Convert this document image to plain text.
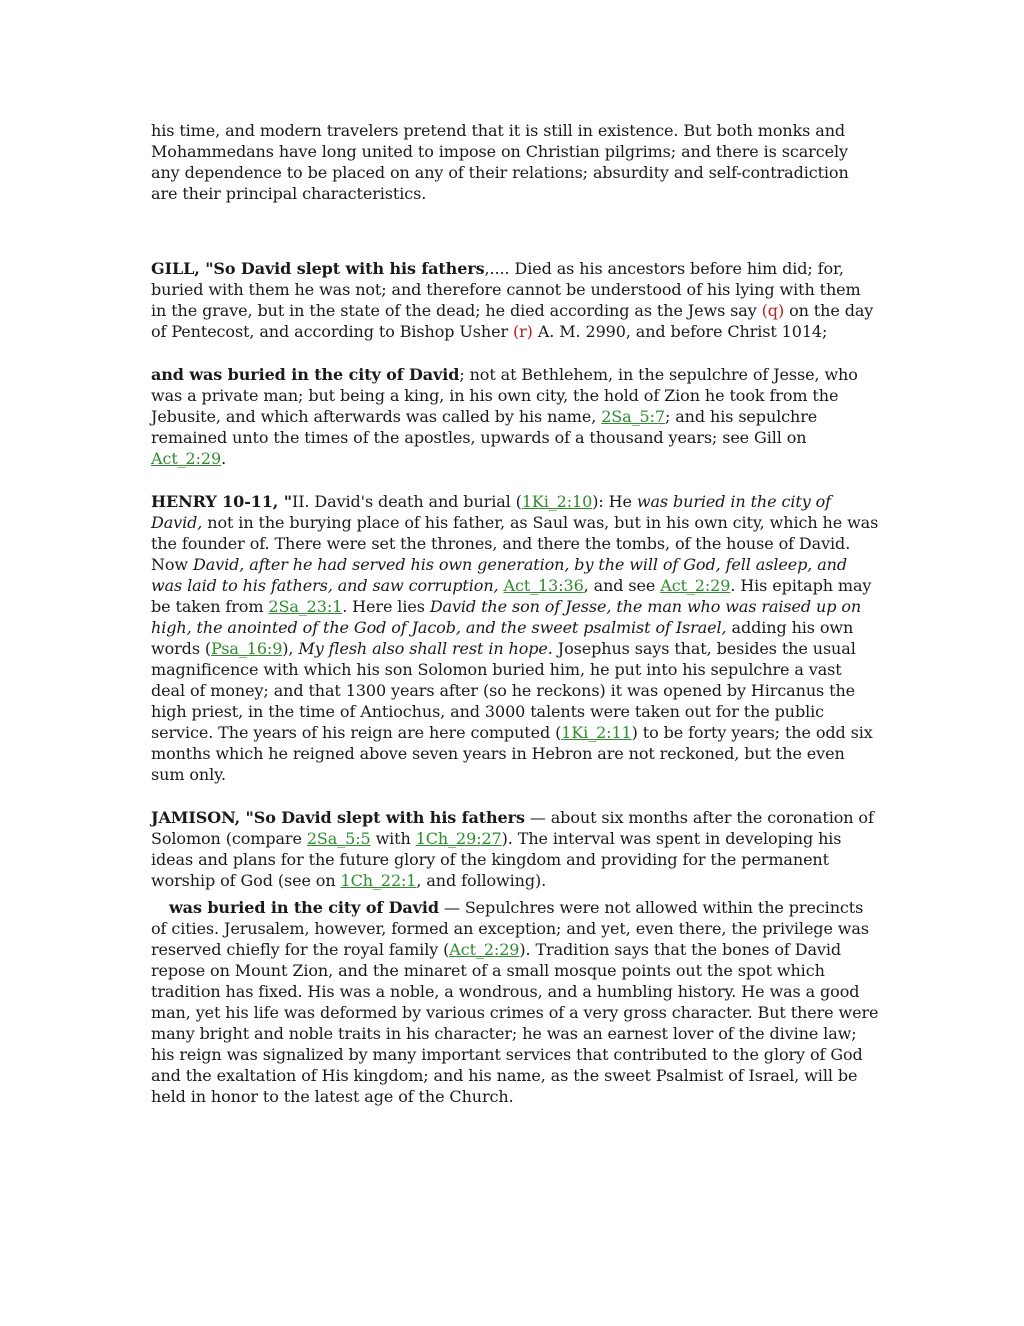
his time, and modern travelers pretend that it is still in existence. But both monks and Mohammedans have long united to impose on Christian pilgrims; and there is scarcely any dependence to be placed on any of their relations; absurdity and self-contradiction are their principal characteristics.

GILL, "So David slept with his fathers,.... Died as his ancestors before him did; for, buried with them he was not; and therefore cannot be understood of his lying with them in the grave, but in the state of the dead; he died according as the Jews say (q) on the day of Pentecost, and according to Bishop Usher (r) A. M. 2990, and before Christ 1014;

and was buried in the city of David; not at Bethlehem, in the sepulchre of Jesse, who was a private man; but being a king, in his own city, the hold of Zion he took from the Jebusite, and which afterwards was called by his name, 2Sa_5:7; and his sepulchre remained unto the times of the apostles, upwards of a thousand years; see Gill on Act_2:29.

HENRY 10-11, "II. David's death and burial (1Ki_2:10): He was buried in the city of David, not in the burying place of his father, as Saul was, but in his own city, which he was the founder of. There were set the thrones, and there the tombs, of the house of David. Now David, after he had served his own generation, by the will of God, fell asleep, and was laid to his fathers, and saw corruption, Act_13:36, and see Act_2:29. His epitaph may be taken from 2Sa_23:1. Here lies David the son of Jesse, the man who was raised up on high, the anointed of the God of Jacob, and the sweet psalmist of Israel, adding his own words (Psa_16:9), My flesh also shall rest in hope. Josephus says that, besides the usual magnificence with which his son Solomon buried him, he put into his sepulchre a vast deal of money; and that 1300 years after (so he reckons) it was opened by Hircanus the high priest, in the time of Antiochus, and 3000 talents were taken out for the public service. The years of his reign are here computed (1Ki_2:11) to be forty years; the odd six months which he reigned above seven years in Hebron are not reckoned, but the even sum only.

JAMISON, "So David slept with his fathers — about six months after the coronation of Solomon (compare 2Sa_5:5 with 1Ch_29:27). The interval was spent in developing his ideas and plans for the future glory of the kingdom and providing for the permanent worship of God (see on 1Ch_22:1, and following).

was buried in the city of David — Sepulchres were not allowed within the precincts of cities. Jerusalem, however, formed an exception; and yet, even there, the privilege was reserved chiefly for the royal family (Act_2:29). Tradition says that the bones of David repose on Mount Zion, and the minaret of a small mosque points out the spot which tradition has fixed. His was a noble, a wondrous, and a humbling history. He was a good man, yet his life was deformed by various crimes of a very gross character. But there were many bright and noble traits in his character; he was an earnest lover of the divine law; his reign was signalized by many important services that contributed to the glory of God and the exaltation of His kingdom; and his name, as the sweet Psalmist of Israel, will be held in honor to the latest age of the Church.
